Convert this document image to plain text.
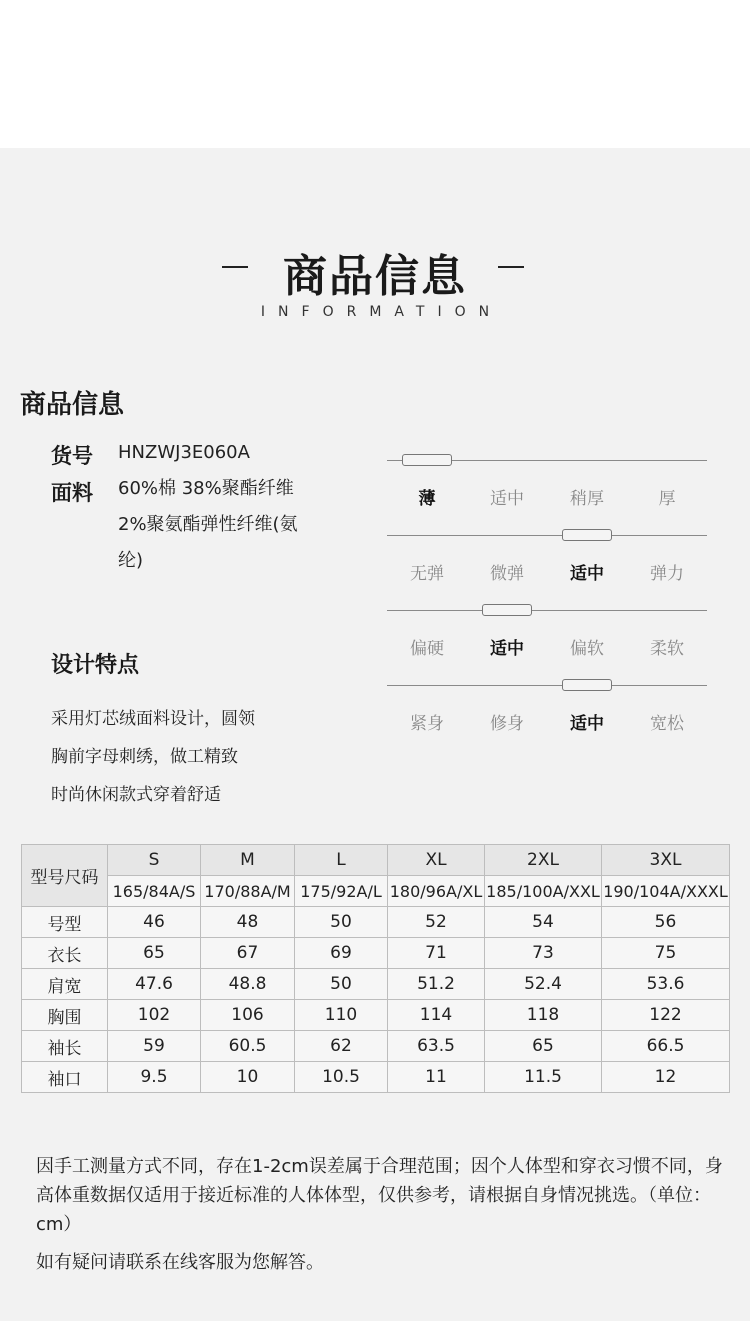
商品信息
INFORMATION
商品信息
货号 HNZWJ3E060A
面料 60%棉 38%聚酯纤维
2%聚氨酯弹性纤维(氨
纶)
设计特点
采用灯芯绒面料设计，圆领
胸前字母刺绣，做工精致
时尚休闲款式穿着舒适
薄	适中	稍厚	厚
无弹	微弹	适中	弹力
偏硬	适中	偏软	柔软
紧身	修身	适中	宽松
型号尺码	S	M	L	XL	2XL	3XL
	165/84A/S	170/88A/M	175/92A/L	180/96A/XL	185/100A/XXL	190/104A/XXXL
号型	46	48	50	52	54	56
衣长	65	67	69	71	73	75
肩宽	47.6	48.8	50	51.2	52.4	53.6
胸围	102	106	110	114	118	122
袖长	59	60.5	62	63.5	65	66.5
袖口	9.5	10	10.5	11	11.5	12
因手工测量方式不同，存在1-2cm误差属于合理范围；因个人体型和穿衣习惯不同，身高体重数据仅适用于接近标准的人体体型，仅供参考，请根据自身情况挑选。（单位：cm）
如有疑问请联系在线客服为您解答。
